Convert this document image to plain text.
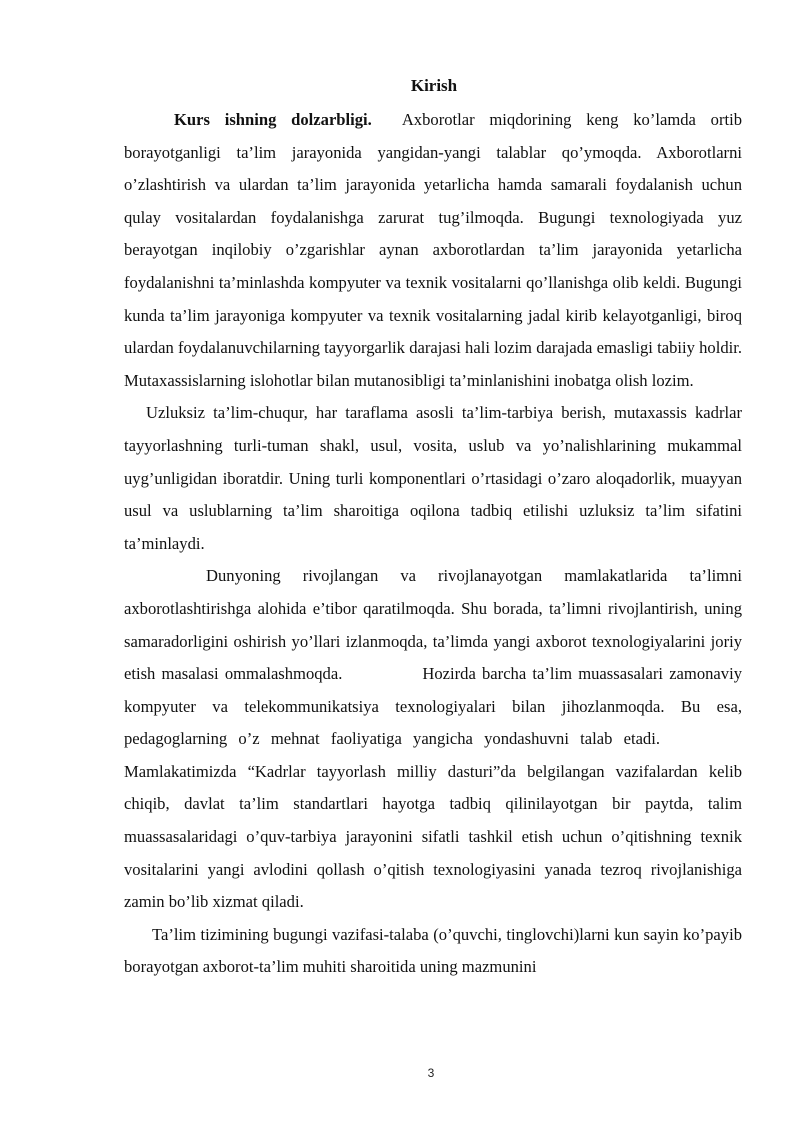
Kirish

Kurs ishning dolzarbligi. Axborotlar miqdorining keng ko’lamda ortib borayotganligi ta’lim jarayonida yangidan-yangi talablar qo’ymoqda. Axborotlarni o’zlashtirish va ulardan ta’lim jarayonida yetarlicha hamda samarali foydalanish uchun qulay vositalardan foydalanishga zarurat tug’ilmoqda. Bugungi texnologiyada yuz berayotgan inqilobiy o’zgarishlar aynan axborotlardan ta’lim jarayonida yetarlicha foydalanishni ta’minlashda kompyuter va texnik vositalarni qo’llanishga olib keldi. Bugungi kunda ta’lim jarayoniga kompyuter va texnik vositalarning jadal kirib kelayotganligi, biroq ulardan foydalanuvchilarning tayyorgarlik darajasi hali lozim darajada emasligi tabiiy holdir. Mutaxassislarning islohotlar bilan mutanosibligi ta’minlanishini inobatga olish lozim.

Uzluksiz ta’lim-chuqur, har taraflama asosli ta’lim-tarbiya berish, mutaxassis kadrlar tayyorlashning turli-tuman shakl, usul, vosita, uslub va yo’nalishlarining mukammal uyg’unligidan iboratdir. Uning turli komponentlari o’rtasidagi o’zaro aloqadorlik, muayyan usul va uslublarning ta’lim sharoitiga oqilona tadbiq etilishi uzluksiz ta’lim sifatini ta’minlaydi.

Dunyoning rivojlangan va rivojlanayotgan mamlakatlarida ta’limni axborotlashtirishga alohida e’tibor qaratilmoqda. Shu borada, ta’limni rivojlantirish, uning samaradorligini oshirish yo’llari izlanmoqda, ta’limda yangi axborot texnologiyalarini joriy etish masalasi ommalashmoqda.	Hozirda barcha ta’lim muassasalari zamonaviy kompyuter va telekommunikatsiya texnologiyalari bilan jihozlanmoqda. Bu esa, pedagoglarning o’z mehnat faoliyatiga yangicha yondashuvni talab etadi.Mamlakatimizda “Kadrlar tayyorlash milliy dasturi”da belgilangan vazifalardan kelib chiqib, davlat ta’lim standartlari hayotga tadbiq qilinilayotgan bir paytda, talim muassasalaridagi o’quv-tarbiya jarayonini sifatli tashkil etish uchun o’qitishning texnik vositalarini yangi avlodini qollash o’qitish texnologiyasini yanada tezroq rivojlanishiga zamin bo’lib xizmat qiladi.

Ta’lim tizimining bugungi vazifasi-talaba (o’quvchi, tinglovchi)larni kun sayin ko’payib borayotgan axborot-ta’lim muhiti sharoitida uning mazmunini

3
